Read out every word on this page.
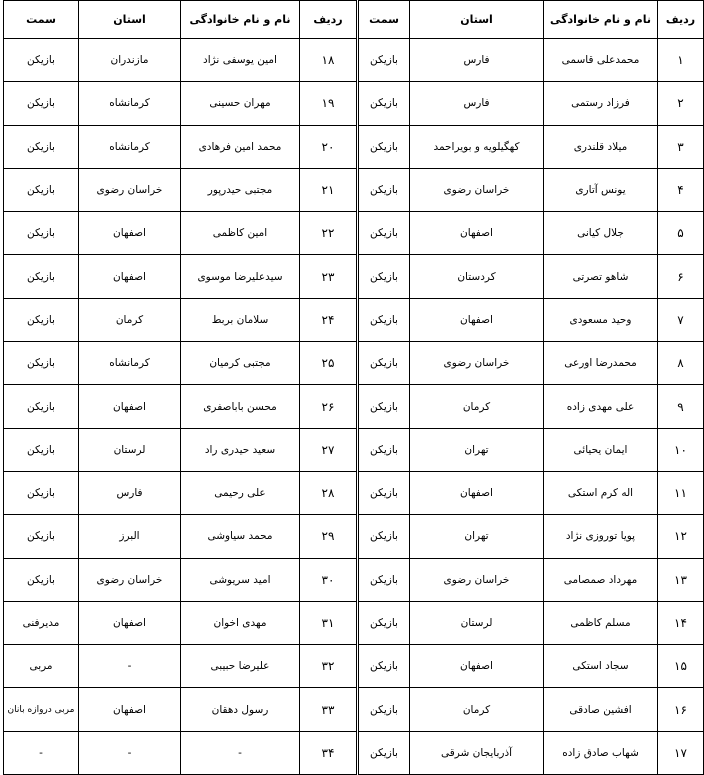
ردیف	نام و نام خانوادگی	استان	سمت	ردیف	نام و نام خانوادگی	استان	سمت
۱	محمدعلی قاسمی	فارس	بازیکن	۱۸	امین یوسفی نژاد	مازندران	بازیکن
۲	فرزاد رستمی	فارس	بازیکن	۱۹	مهران حسینی	کرمانشاه	بازیکن
۳	میلاد قلندری	کهگیلویه و بویراحمد	بازیکن	۲۰	محمد امین فرهادی	کرمانشاه	بازیکن
۴	یونس آتاری	خراسان رضوی	بازیکن	۲۱	مجتبی حیدرپور	خراسان رضوی	بازیکن
۵	جلال کیانی	اصفهان	بازیکن	۲۲	امین کاظمی	اصفهان	بازیکن
۶	شاهو تصرتی	کردستان	بازیکن	۲۳	سیدعلیرضا موسوی	اصفهان	بازیکن
۷	وحید مسعودی	اصفهان	بازیکن	۲۴	سلامان بربط	کرمان	بازیکن
۸	محمدرضا اورعی	خراسان رضوی	بازیکن	۲۵	مجتبی کرمیان	کرمانشاه	بازیکن
۹	علی مهدی زاده	کرمان	بازیکن	۲۶	محسن باباصفری	اصفهان	بازیکن
۱۰	ایمان یحیائی	تهران	بازیکن	۲۷	سعید حیدری راد	لرستان	بازیکن
۱۱	اله کرم استکی	اصفهان	بازیکن	۲۸	علی رحیمی	فارس	بازیکن
۱۲	پویا توروزی نژاد	تهران	بازیکن	۲۹	محمد سیاوشی	البرز	بازیکن
۱۳	مهرداد صمصامی	خراسان رضوی	بازیکن	۳۰	امید سریوشی	خراسان رضوی	بازیکن
۱۴	مسلم کاظمی	لرستان	بازیکن	۳۱	مهدی اخوان	اصفهان	مدیرفنی
۱۵	سجاد استکی	اصفهان	بازیکن	۳۲	علیرضا حبیبی	-	مربی
۱۶	افشین صادقی	کرمان	بازیکن	۳۳	رسول دهقان	اصفهان	مربی دروازه بانان
۱۷	شهاب صادق زاده	آذربایجان شرقی	بازیکن	۳۴	-	-	-
